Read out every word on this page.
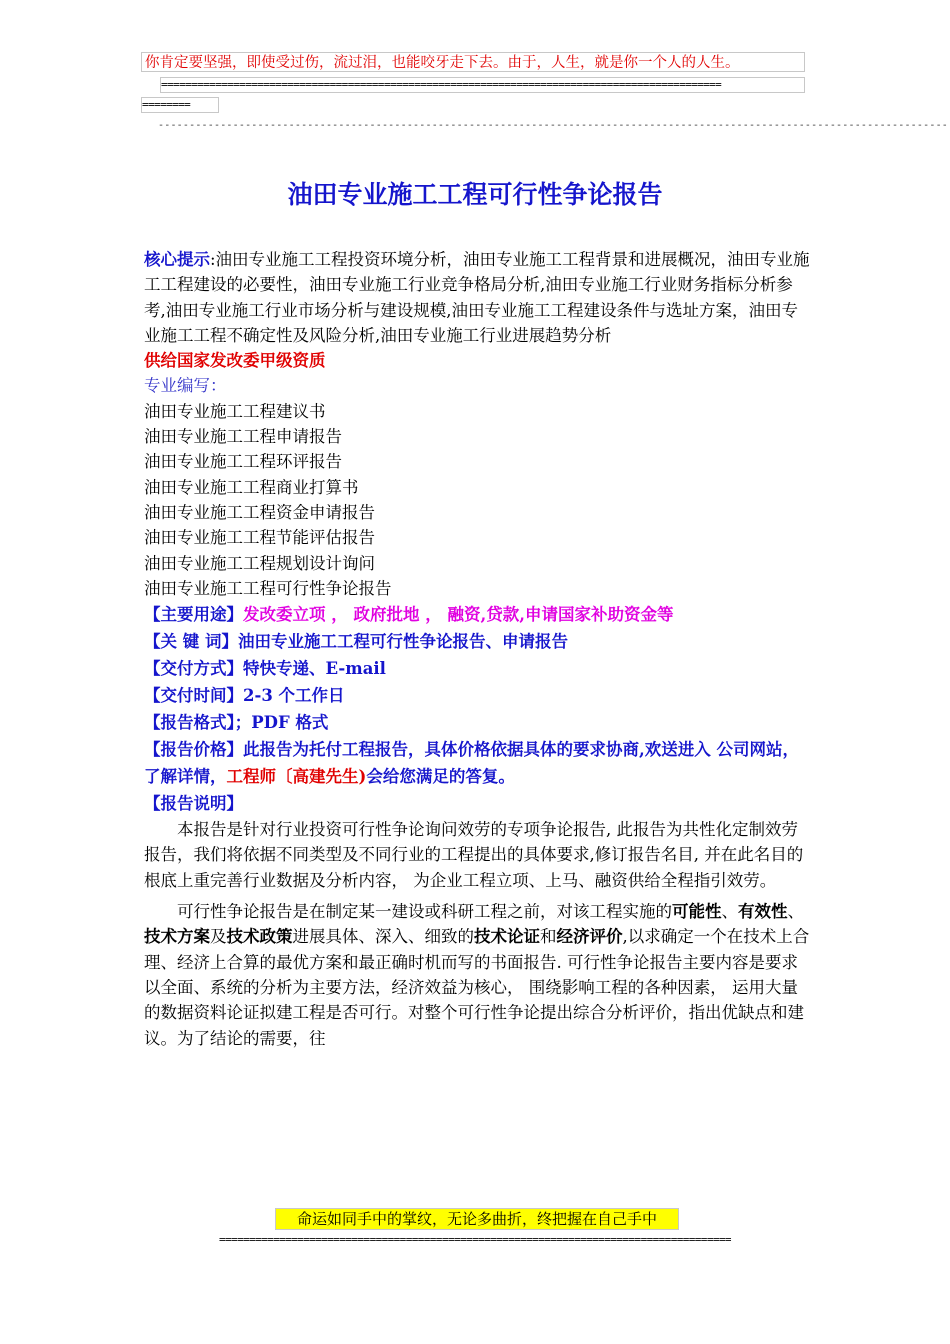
你肯定要坚强，即使受过伤，流过泪，也能咬牙走下去。由于，人生，就是你一个人的人生。
=============================================================================================
========
-------------------------------------------------------------------------------------------------------------------------------
油田专业施工工程可行性争论报告

核心提示:油田专业施工工程投资环境分析，油田专业施工工程背景和进展概况，油田专业施工工程建设的必要性，油田专业施工行业竞争格局分析,油田专业施工行业财务指标分析参考,油田专业施工行业市场分析与建设规模,油田专业施工工程建设条件与选址方案，油田专业施工工程不确定性及风险分析,油田专业施工行业进展趋势分析

供给国家发改委甲级资质

专业编写：

油田专业施工工程建议书

油田专业施工工程申请报告

油田专业施工工程环评报告

油田专业施工工程商业打算书

油田专业施工工程资金申请报告

油田专业施工工程节能评估报告

油田专业施工工程规划设计询问

油田专业施工工程可行性争论报告

【主要用途】发改委立项 ， 政府批地 ， 融资,贷款,申请国家补助资金等

【关 键 词】油田专业施工工程可行性争论报告、申请报告

【交付方式】特快专递、E-mail

【交付时间】2-3 个工作日

【报告格式】；PDF 格式

【报告价格】此报告为托付工程报告，具体价格依据具体的要求协商,欢送进入 公司网站，了解详情，工程师〔高建先生)会给您满足的答复。

【报告说明】

本报告是针对行业投资可行性争论询问效劳的专项争论报告, 此报告为共性化定制效劳报告，我们将依据不同类型及不同行业的工程提出的具体要求,修订报告名目, 并在此名目的根底上重完善行业数据及分析内容， 为企业工程立项、上马、融资供给全程指引效劳。

可行性争论报告是在制定某一建设或科研工程之前，对该工程实施的可能性、有效性、技术方案及技术政策进展具体、深入、细致的技术论证和经济评价,以求确定一个在技术上合理、经济上合算的最优方案和最正确时机而写的书面报告. 可行性争论报告主要内容是要求以全面、系统的分析为主要方法，经济效益为核心， 围绕影响工程的各种因素， 运用大量的数据资料论证拟建工程是否可行。对整个可行性争论提出综合分析评价，指出优缺点和建议。为了结论的需要，往

命运如同手中的掌纹，无论多曲折，终把握在自己手中
=====================================================================================
